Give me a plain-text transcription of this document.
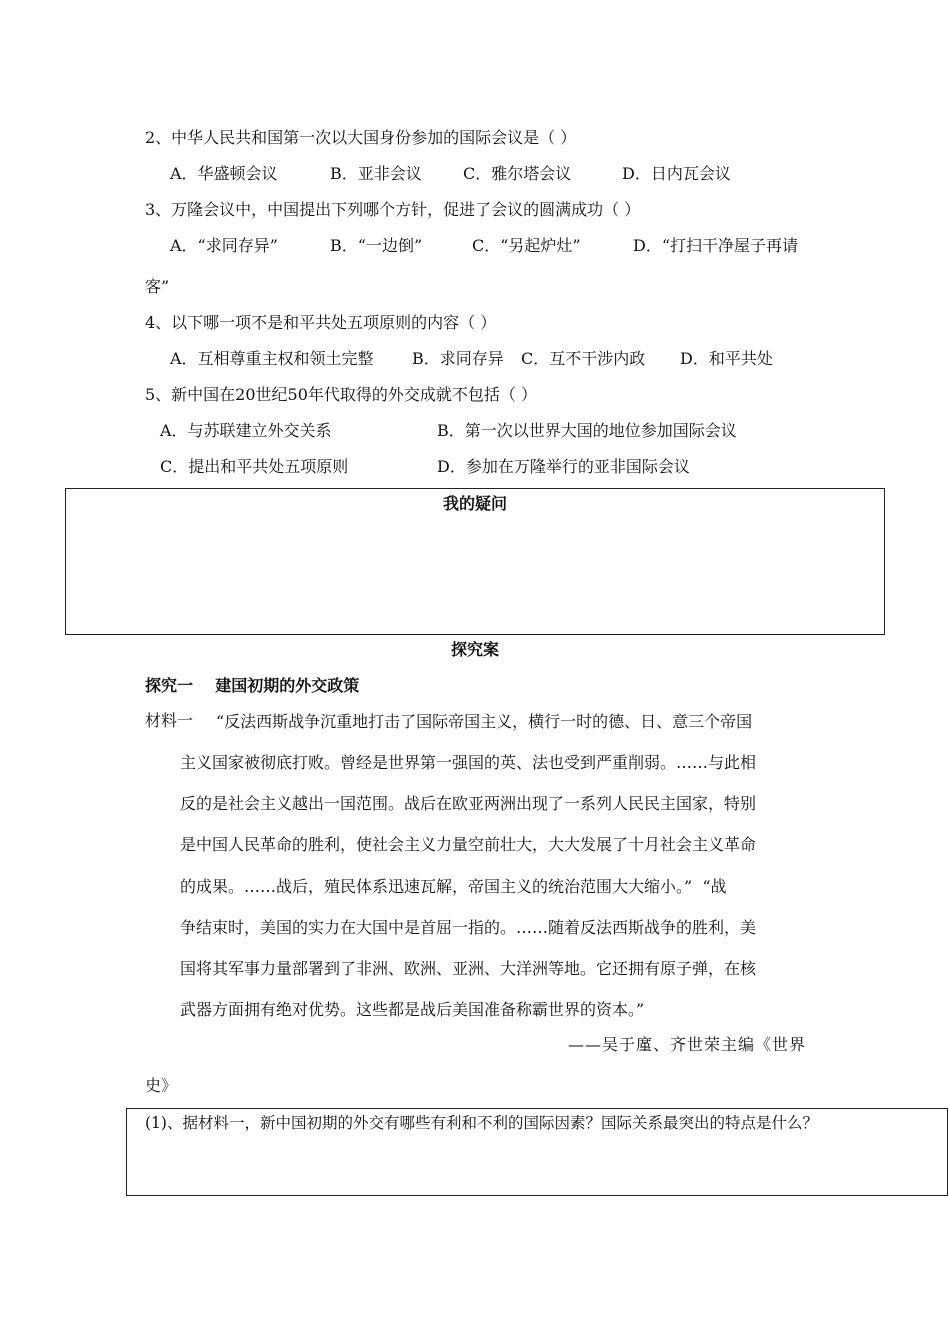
2、中华人民共和国第一次以大国身份参加的国际会议是（ ）
A．华盛顿会议	B．亚非会议	C．雅尔塔会议	D．日内瓦会议
3、万隆会议中，中国提出下列哪个方针，促进了会议的圆满成功（ ）
A．“求同存异”	B．“一边倒”	C．“另起炉灶”	D．“打扫干净屋子再请
客”
4、以下哪一项不是和平共处五项原则的内容（ ）
A．互相尊重主权和领土完整 B．求同存异 C．互不干涉内政 D．和平共处
5、新中国在20世纪50年代取得的外交成就不包括（ ）
A．与苏联建立外交关系	B．第一次以世界大国的地位参加国际会议
C．提出和平共处五项原则	D．参加在万隆举行的亚非国际会议
我的疑问
探究案
探究一    建国初期的外交政策
材料一 “反法西斯战争沉重地打击了国际帝国主义，横行一时的德、日、意三个帝国
主义国家被彻底打败。曾经是世界第一强国的英、法也受到严重削弱。……与此相
反的是社会主义越出一国范围。战后在欧亚两洲出现了一系列人民民主国家，特别
是中国人民革命的胜利，使社会主义力量空前壮大，大大发展了十月社会主义革命
的成果。……战后，殖民体系迅速瓦解，帝国主义的统治范围大大缩小。”  “战
争结束时，美国的实力在大国中是首屈一指的。……随着反法西斯战争的胜利，美
国将其军事力量部署到了非洲、欧洲、亚洲、大洋洲等地。它还拥有原子弹，在核
武器方面拥有绝对优势。这些都是战后美国准备称霸世界的资本。”
——吴于廑、齐世荣主编《世界
史》
(1)、据材料一，新中国初期的外交有哪些有利和不利的国际因素？国际关系最突出的特点是什么？
